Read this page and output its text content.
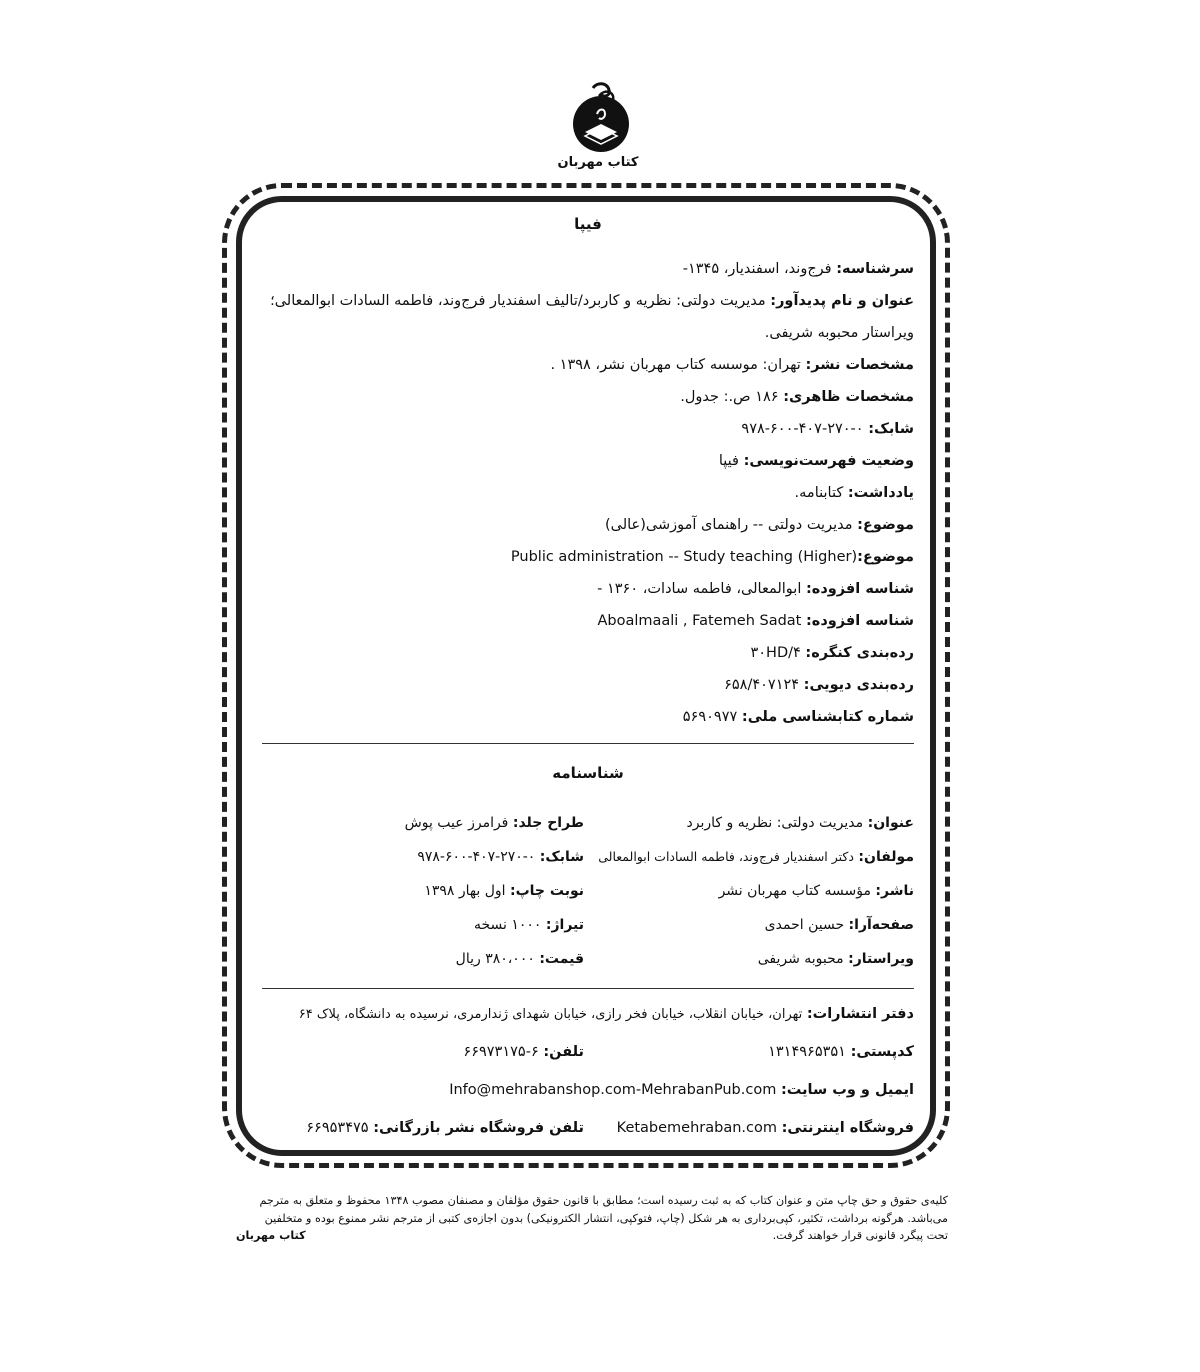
کتاب مهربان
فیپا
سرشناسه: فرج‌وند، اسفندیار، ۱۳۴۵-
عنوان و نام پدیدآور: مدیریت دولتی: نظریه و کاربرد/تالیف اسفندیار فرج‌وند، فاطمه السادات ابوالمعالی؛
ویراستار محبوبه شریفی.
مشخصات نشر: تهران: موسسه کتاب مهربان نشر، ۱۳۹۸ .
مشخصات ظاهری: ۱۸۶ ص.: جدول.
شابک: ۹۷۸-۶۰۰-۴۰۷-۲۷۰-۰
وضعیت فهرست‌نویسی: فیپا
یادداشت: کتابنامه.
موضوع: مدیریت دولتی -- راهنمای آموزشی(عالی)
موضوع:Public administration -- Study teaching (Higher)
شناسه افزوده: ابوالمعالی، فاطمه سادات، ۱۳۶۰ -
شناسه افزوده: Aboalmaali , Fatemeh Sadat
رده‌بندی کنگره: ۳۰HD/۴
رده‌بندی دیویی: ۶۵۸/۴۰۷۱۲۴
شماره کتابشناسی ملی: ۵۶۹۰۹۷۷
شناسنامه
عنوان: مدیریت دولتی: نظریه و کاربرد
مولفان: دکتر اسفندیار فرج‌وند، فاطمه السادات ابوالمعالی
ناشر: مؤسسه کتاب مهربان نشر
صفحه‌آرا: حسین احمدی
ویراستار: محبوبه شریفی
طراح جلد: فرامرز عیب پوش
شابک: ۹۷۸-۶۰۰-۴۰۷-۲۷۰-۰
نوبت چاپ: اول بهار ۱۳۹۸
تیراژ: ۱۰۰۰ نسخه
قیمت: ۳۸۰،۰۰۰ ریال
دفتر انتشارات: تهران، خیابان انقلاب، خیابان فخر رازی، خیابان شهدای ژندارمری، نرسیده به دانشگاه، پلاک ۶۴
کدپستی: ۱۳۱۴۹۶۵۳۵۱
تلفن: ۶۶۹۷۳۱۷۵-۶
ایمیل و وب سایت: Info@mehrabanshop.com-MehrabanPub.com
فروشگاه اینترنتی: Ketabemehraban.com
تلفن فروشگاه نشر بازرگانی: ۶۶۹۵۳۴۷۵
کلیه‌ی حقوق و حق چاپ متن و عنوان کتاب که به ثبت رسیده است؛ مطابق با قانون حقوق مؤلفان و مصنفان مصوب ۱۳۴۸ محفوظ و متعلق به مترجم
می‌باشد. هرگونه برداشت، تکثیر، کپی‌برداری به هر شکل (چاپ، فتوکپی، انتشار الکترونیکی) بدون اجازه‌ی کتبی از مترجم نشر ممنوع بوده و متخلفین
تحت پیگرد قانونی قرار خواهند گرفت.
کتاب مهربان
